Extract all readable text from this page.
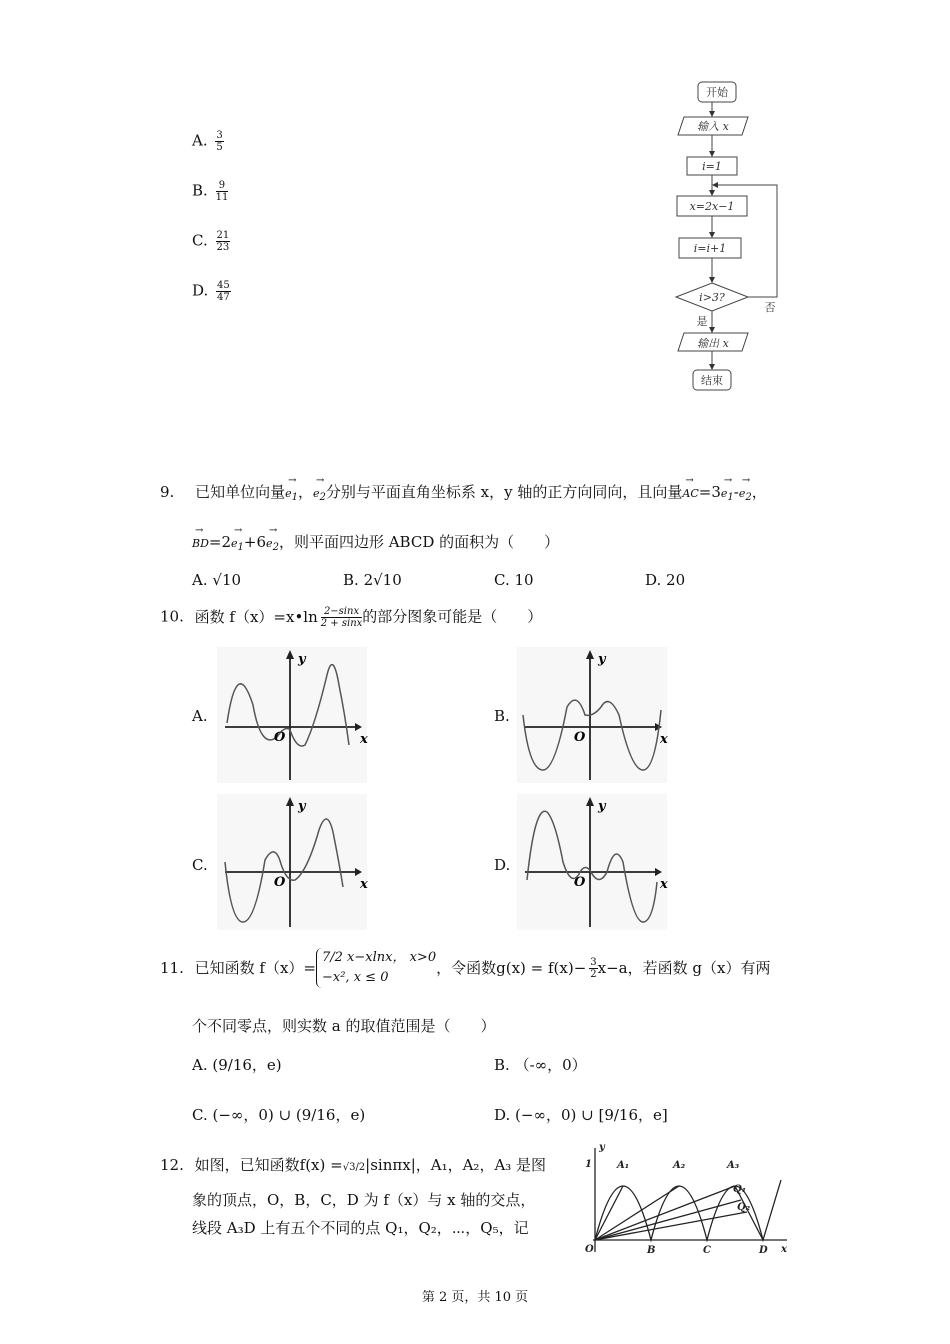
A. $\frac{3}{5}$
B. $\frac{9}{11}$
C. $\frac{21}{23}$
D. $\frac{45}{47}$
开始
输入 x
i=1
x=2x−1
i=i+1
i>3?
否
是
输出 x
结束
9. 已知单位向量→ $e_1$，→ $e_2$分别与平面直角坐标系 x，y 轴的正方向同向，且向量→ $AC=3\to e_1-\to e_2$，
→ $BD=2\to e_1+6\to e_2$，则平面四边形 ABCD 的面积为（　　）
A. √10	B. 2√10	C. 10	D. 20
10. 函数 f（x）=x•ln $\frac{2-\sin x}{2 + \sin x}$ 的部分图象可能是（　　）
A.	B.
C.	D.
y
x
O
y
x
O
y
x
O
y
x
O
11. 已知函数 f（x）=
7/2 x−xlnx， x>0
−x², x ≤ 0
，令函数$g(x) = f(x)- \frac{3}{2} x-a$，若函数 g（x）有两
个不同零点，则实数 a 的取值范围是（　　）
A. (9/16，e)	B. （-∞，0）
C. (−∞，0) ∪ (9/16，e)	D. (−∞，0) ∪ [9/16，e]
12. 如图，已知函数f(x) =√3/2|sinπx|，A₁，A₂，A₃ 是图
象的顶点，O，B，C，D 为 f（x）与 x 轴的交点，
线段 A₃D 上有五个不同的点 Q₁，Q₂，⋯，Q₅，记
1
y
x
O	B	C	D
A₁	A₂	A₃
Q₁
Q₂
第 2 页，共 10 页
